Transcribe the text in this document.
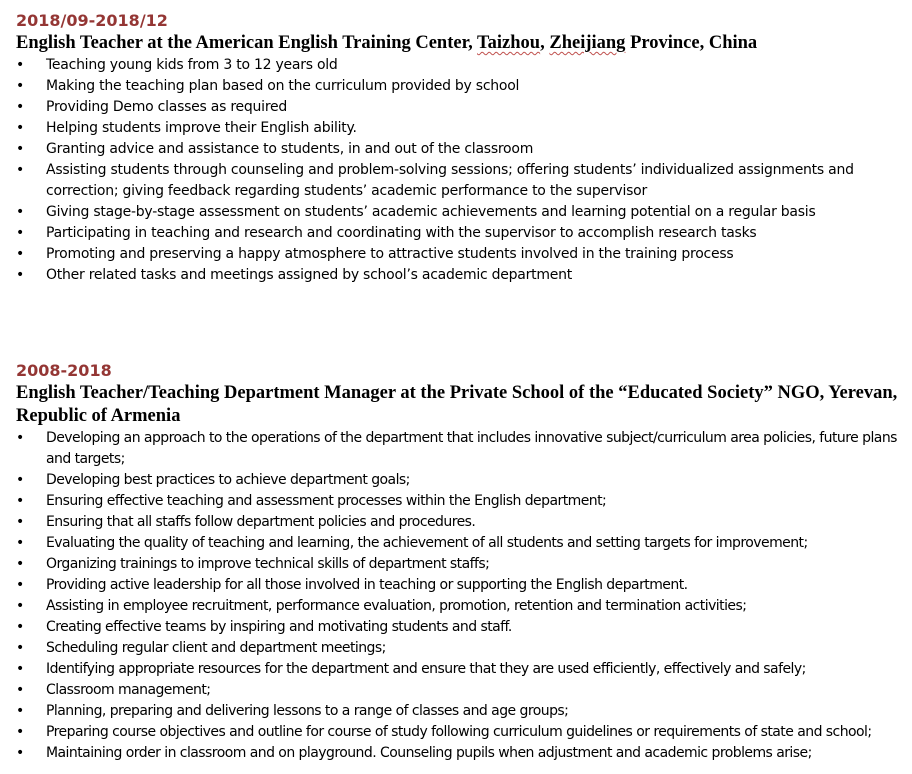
2018/09-2018/12

English Teacher at the American English Training Center, Taizhou, Zheijiang Province, China

• Teaching young kids from 3 to 12 years old
• Making the teaching plan based on the curriculum provided by school
• Providing Demo classes as required
• Helping students improve their English ability.
• Granting advice and assistance to students, in and out of the classroom
• Assisting students through counseling and problem-solving sessions; offering students’ individualized assignments and correction; giving feedback regarding students’ academic performance to the supervisor
• Giving stage-by-stage assessment on students’ academic achievements and learning potential on a regular basis
• Participating in teaching and research and coordinating with the supervisor to accomplish research tasks
• Promoting and preserving a happy atmosphere to attractive students involved in the training process
• Other related tasks and meetings assigned by school’s academic department

2008-2018

English Teacher/Teaching Department Manager at the Private School of the “Educated Society” NGO, Yerevan, Republic of Armenia

• Developing an approach to the operations of the department that includes innovative subject/curriculum area policies, future plans and targets;
• Developing best practices to achieve department goals;
• Ensuring effective teaching and assessment processes within the English department;
• Ensuring that all staffs follow department policies and procedures.
• Evaluating the quality of teaching and learning, the achievement of all students and setting targets for improvement;
• Organizing trainings to improve technical skills of department staffs;
• Providing active leadership for all those involved in teaching or supporting the English department.
• Assisting in employee recruitment, performance evaluation, promotion, retention and termination activities;
• Creating effective teams by inspiring and motivating students and staff.
• Scheduling regular client and department meetings;
• Identifying appropriate resources for the department and ensure that they are used efficiently, effectively and safely;
• Classroom management;
• Planning, preparing and delivering lessons to a range of classes and age groups;
• Preparing course objectives and outline for course of study following curriculum guidelines or requirements of state and school;
• Maintaining order in classroom and on playground. Counseling pupils when adjustment and academic problems arise;
